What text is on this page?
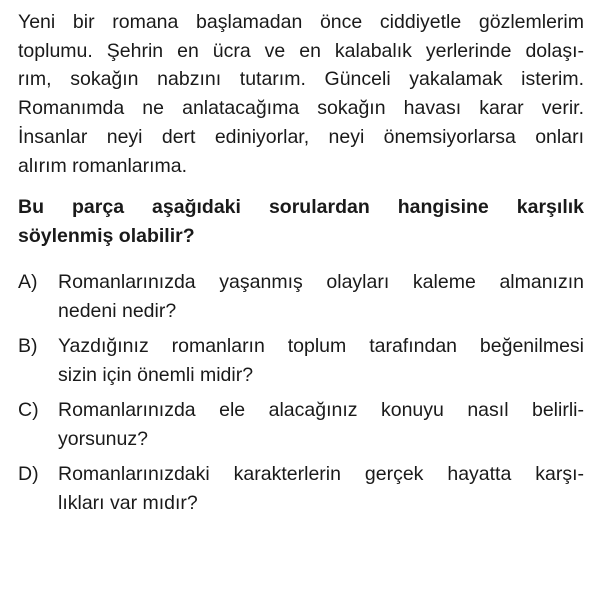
Yeni bir romana başlamadan önce ciddiyetle gözlemlerim
toplumu. Şehrin en ücra ve en kalabalık yerlerinde dolaşı-
rım, sokağın nabzını tutarım. Günceli yakalamak isterim.
Romanımda ne anlatacağıma sokağın havası karar verir.
İnsanlar neyi dert ediniyorlar, neyi önemsiyorlarsa onları
alırım romanlarıma.
Bu parça aşağıdaki sorulardan hangisine karşılık
söylenmiş olabilir?
A)	Romanlarınızda yaşanmış olayları kaleme almanızın
nedeni nedir?
B)	Yazdığınız romanların toplum tarafından beğenilmesi
sizin için önemli midir?
C) Romanlarınızda ele alacağınız konuyu nasıl belirli-
yorsunuz?
D) Romanlarınızdaki karakterlerin gerçek hayatta karşı-
lıkları var mıdır?
